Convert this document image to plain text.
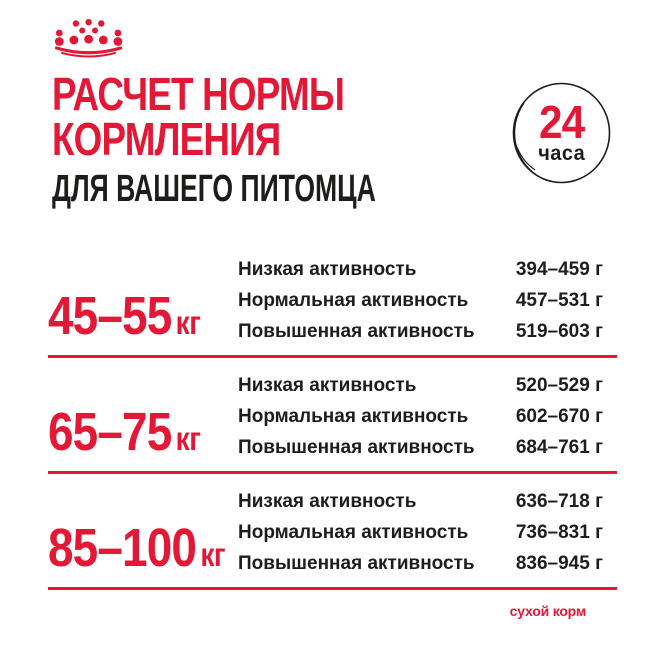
РАСЧЕТ НОРМЫ
КОРМЛЕНИЯ
ДЛЯ ВАШЕГО ПИТОМЦА
24
часа
45–55 кг
Низкая активность	394–459 г
Нормальная активность 457–531 г
Повышенная активность 519–603 г
65–75 кг
Низкая активность	520–529 г
Нормальная активность 602–670 г
Повышенная активность 684–761 г
85–100 кг
Низкая активность	636–718 г
Нормальная активность 736–831 г
Повышенная активность 836–945 г
сухой корм
